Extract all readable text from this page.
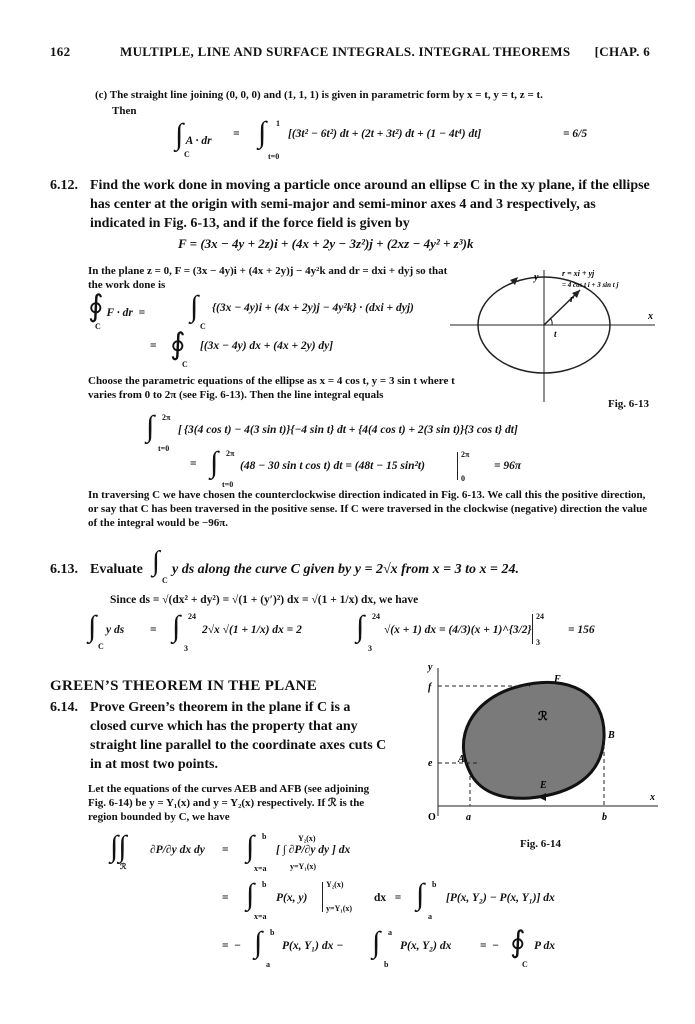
162	MULTIPLE, LINE AND SURFACE INTEGRALS. INTEGRAL THEOREMS [CHAP. 6
(c) The straight line joining (0, 0, 0) and (1, 1, 1) is given in parametric form by x = t, y = t, z = t.
Then
∫ A · dr
C
= ∫ 1
t=0
[(3t² − 6t²) dt + (2t + 3t²) dt + (1 − 4t⁴) dt]	= 6/5
6.12. Find the work done in moving a particle once around an ellipse C in the xy plane, if the ellipse has center at the origin with semi-major and semi-minor axes 4 and 3 respectively, as indicated in Fig. 6-13, and if the force field is given by
F = (3x − 4y + 2z)i + (4x + 2y − 3z²)j + (2xz − 4y² + z³)k
In the plane z = 0, F = (3x − 4y)i + (4x + 2y)j − 4y²k and dr = dxi + dyj so that the work done is
∮ F · dr  =
C
∫
C
{(3x − 4y)i + (4x + 2y)j − 4y²k} · (dxi + dyj)
= ∮
C
[(3x − 4y) dx + (4x + 2y) dy]
Choose the parametric equations of the ellipse as x = 4 cos t, y = 3 sin t where t varies from 0 to 2π (see Fig. 6-13). Then the line integral equals
y
x
r
t
r = xi + yj
= 4 cos t i + 3 sin t j
Fig. 6-13
∫ 2π
t=0
[ {3(4 cos t) − 4(3 sin t)}{−4 sin t} dt + {4(4 cos t) + 2(3 sin t)}{3 cos t} dt]
= ∫ 2π
t=0
(48 − 30 sin t cos t) dt = (48t − 15 sin²t)
2π
0
= 96π
In traversing C we have chosen the counterclockwise direction indicated in Fig. 6-13. We call this the positive direction, or say that C has been traversed in the positive sense. If C were traversed in the clockwise (negative) direction the value of the integral would be −96π.
6.13. Evaluate ∫
C
y ds along the curve C given by y = 2√x from x = 3 to x = 24.
Since ds = √(dx² + dy²) = √(1 + (y′)²) dx = √(1 + 1/x) dx, we have
∫
C
y ds = ∫ 24
3
2√x √(1 + 1/x) dx = 2 ∫ 24
3
√(x + 1) dx = (4/3)(x + 1)^{3/2}
24
3
= 156
GREEN’S THEOREM IN THE PLANE
6.14. Prove Green’s theorem in the plane if C is a closed curve which has the property that any straight line parallel to the coordinate axes cuts C in at most two points.
Let the equations of the curves AEB and AFB (see adjoining Fig. 6-14) be y = Y₁(x) and y = Y₂(x) respectively. If ℛ is the region bounded by C, we have
y
x
O	a	b
f
e	A
B
E
F
ℛ
Fig. 6-14
∫∫
ℛ
∂P/∂y dx dy = ∫ b
x=a
Y₂(x)
y=Y₁(x)
[ ∫ ∂P/∂y dy ] dx
= ∫ b
x=a
P(x, y)
Y₂(x)
y=Y₁(x)
dx   = ∫ b
a
[P(x, Y₂) − P(x, Y₁)] dx
=  − ∫ b
a
P(x, Y₁) dx − ∫ a
b
P(x, Y₂) dx =  − ∮
C
P dx
